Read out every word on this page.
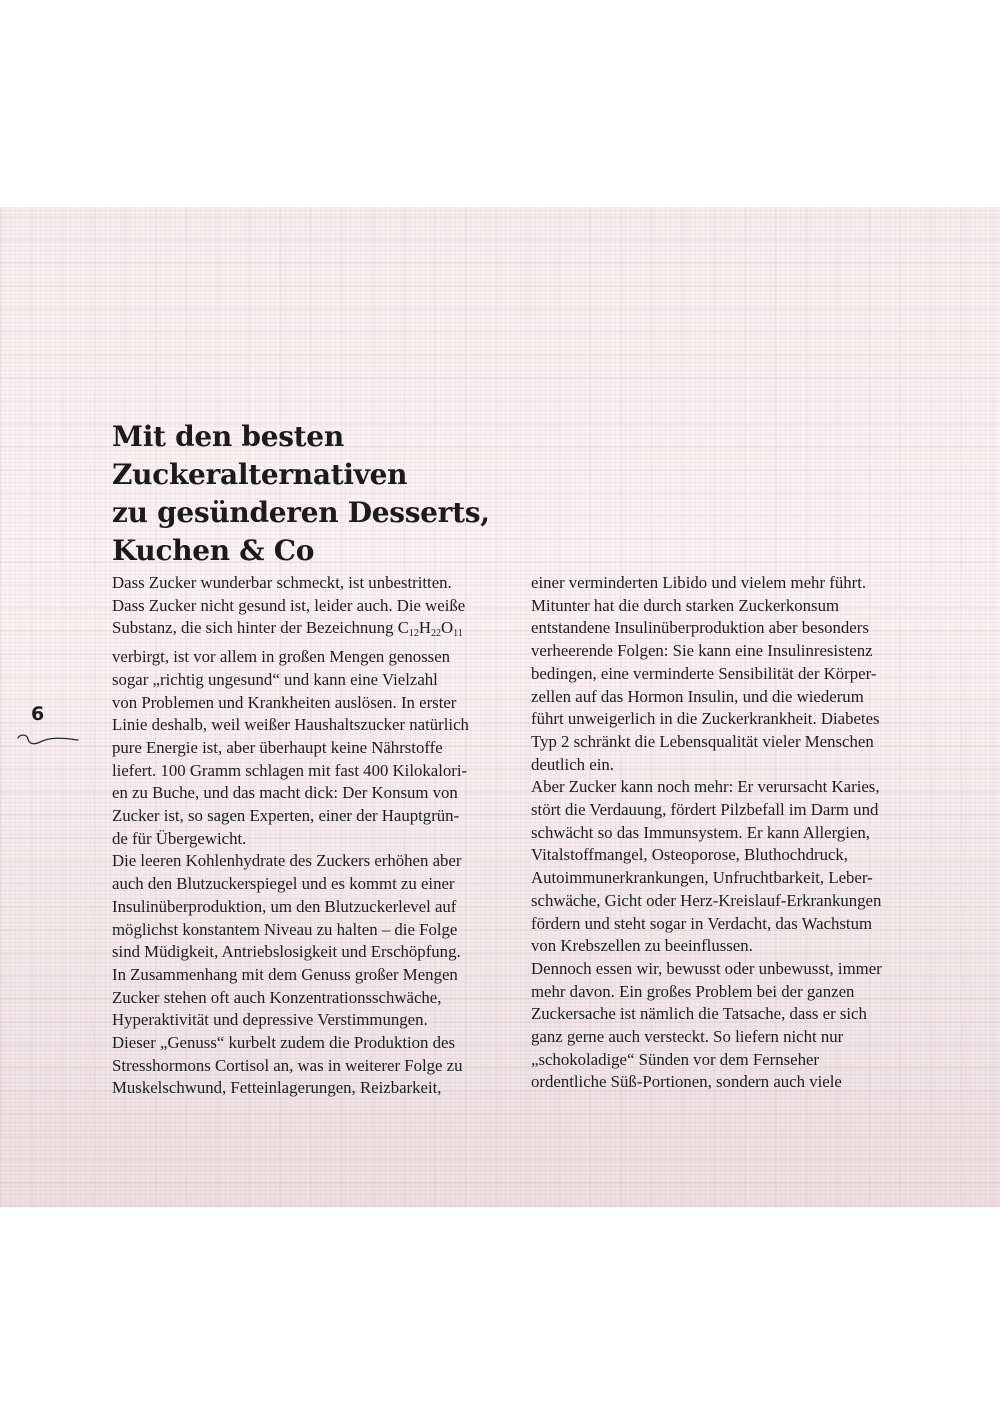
Mit den besten
Zuckeralternativen
zu gesünderen Desserts,
Kuchen & Co
Dass Zucker wunderbar schmeckt, ist unbestritten.
Dass Zucker nicht gesund ist, leider auch. Die weiße
Substanz, die sich hinter der Bezeichnung $C_{12}H_{22}O_{11}$
verbirgt, ist vor allem in großen Mengen genossen
sogar „richtig ungesund“ und kann eine Vielzahl
von Problemen und Krankheiten auslösen. In erster
Linie deshalb, weil weißer Haushaltszucker natürlich
pure Energie ist, aber überhaupt keine Nährstoffe
liefert. 100 Gramm schlagen mit fast 400 Kilokalori-
en zu Buche, und das macht dick: Der Konsum von
Zucker ist, so sagen Experten, einer der Hauptgrün-
de für Übergewicht.
Die leeren Kohlenhydrate des Zuckers erhöhen aber
auch den Blutzuckerspiegel und es kommt zu einer
Insulinüberproduktion, um den Blutzuckerlevel auf
möglichst konstantem Niveau zu halten – die Folge
sind Müdigkeit, Antriebslosigkeit und Erschöpfung.
In Zusammenhang mit dem Genuss großer Mengen
Zucker stehen oft auch Konzentrationsschwäche,
Hyperaktivität und depressive Verstimmungen.
Dieser „Genuss“ kurbelt zudem die Produktion des
Stresshormons Cortisol an, was in weiterer Folge zu
Muskelschwund, Fetteinlagerungen, Reizbarkeit,
einer verminderten Libido und vielem mehr führt.
Mitunter hat die durch starken Zuckerkonsum
entstandene Insulinüberproduktion aber besonders
verheerende Folgen: Sie kann eine Insulinresistenz
bedingen, eine verminderte Sensibilität der Körper-
zellen auf das Hormon Insulin, und die wiederum
führt unweigerlich in die Zuckerkrankheit. Diabetes
Typ 2 schränkt die Lebensqualität vieler Menschen
deutlich ein.
Aber Zucker kann noch mehr: Er verursacht Karies,
stört die Verdauung, fördert Pilzbefall im Darm und
schwächt so das Immunsystem. Er kann Allergien,
Vitalstoffmangel, Osteoporose, Bluthochdruck,
Autoimmunerkrankungen, Unfruchtbarkeit, Leber-
schwäche, Gicht oder Herz-Kreislauf-Erkrankungen
fördern und steht sogar in Verdacht, das Wachstum
von Krebszellen zu beeinflussen.
Dennoch essen wir, bewusst oder unbewusst, immer
mehr davon. Ein großes Problem bei der ganzen
Zuckersache ist nämlich die Tatsache, dass er sich
ganz gerne auch versteckt. So liefern nicht nur
„schokoladige“ Sünden vor dem Fernseher
ordentliche Süß-Portionen, sondern auch viele
6
